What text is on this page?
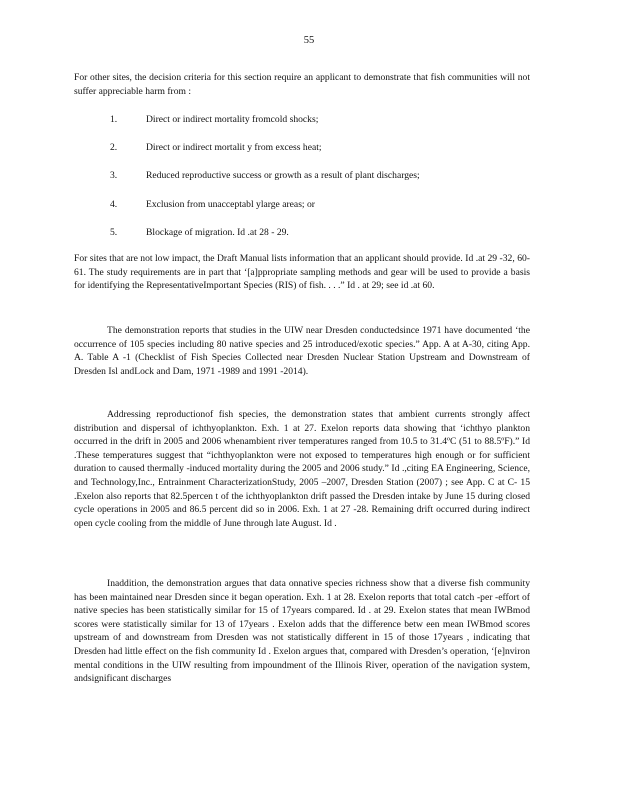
55

For other sites, the decision criteria for this section require an applicant to demonstrate that fish communities will not suffer appreciable harm from :

1.	Direct or indirect mortality fromcold shocks;
2.	Direct or indirect mortalit y from excess heat;
3.	Reduced reproductive success or growth as a result of plant discharges;
4.	Exclusion from unacceptabl ylarge areas; or
5.	Blockage of migration. Id .at 28 - 29.

For sites that are not low impact, the Draft Manual lists information that an applicant should provide. Id .at 29 -32, 60- 61. The study requirements are in part that ‘[a]ppropriate sampling methods and gear will be used to provide a basis for identifying the RepresentativeImportant Species (RIS) of fish. . . .” Id . at 29; see id .at 60.

The demonstration reports that studies in the UIW near Dresden conductedsince 1971 have documented ‘the occurrence of 105 species including 80 native species and 25 introduced/exotic species.” App. A at A-30, citing App. A. Table A -1 (Checklist of Fish Species Collected near Dresden Nuclear Station Upstream and Downstream of Dresden Isl andLock and Dam, 1971 -1989 and 1991 -2014).

Addressing reproductionof fish species, the demonstration states that ambient currents strongly affect distribution and dispersal of ichthyoplankton. Exh. 1 at 27. Exelon reports data showing that ‘ichthyo plankton occurred in the drift in 2005 and 2006 whenambient river temperatures ranged from 10.5 to 31.4ºC (51 to 88.5ºF).” Id .These temperatures suggest that “ichthyoplankton were not exposed to temperatures high enough or for sufficient duration to caused thermally -induced mortality during the 2005 and 2006 study.” Id .,citing EA Engineering, Science, and Technology,Inc., Entrainment CharacterizationStudy, 2005 –2007, Dresden Station (2007) ; see App. C at C- 15 .Exelon also reports that 82.5percen t of the ichthyoplankton drift passed the Dresden intake by June 15 during closed cycle operations in 2005 and 86.5 percent did so in 2006. Exh. 1 at 27 -28. Remaining drift occurred during indirect open cycle cooling from the middle of June through late August. Id .

Inaddition, the demonstration argues that data onnative species richness show that a diverse fish community has been maintained near Dresden since it began operation. Exh. 1 at 28. Exelon reports that total catch -per -effort of native species has been statistically similar for 15 of 17years compared. Id . at 29. Exelon states that mean IWBmod scores were statistically similar for 13 of 17years . Exelon adds that the difference betw een mean IWBmod scores upstream of and downstream from Dresden was not statistically different in 15 of those 17years , indicating that Dresden had little effect on the fish community Id . Exelon argues that, compared with Dresden’s operation, ‘[e]nviron mental conditions in the UIW resulting from impoundment of the Illinois River, operation of the navigation system, andsignificant discharges
